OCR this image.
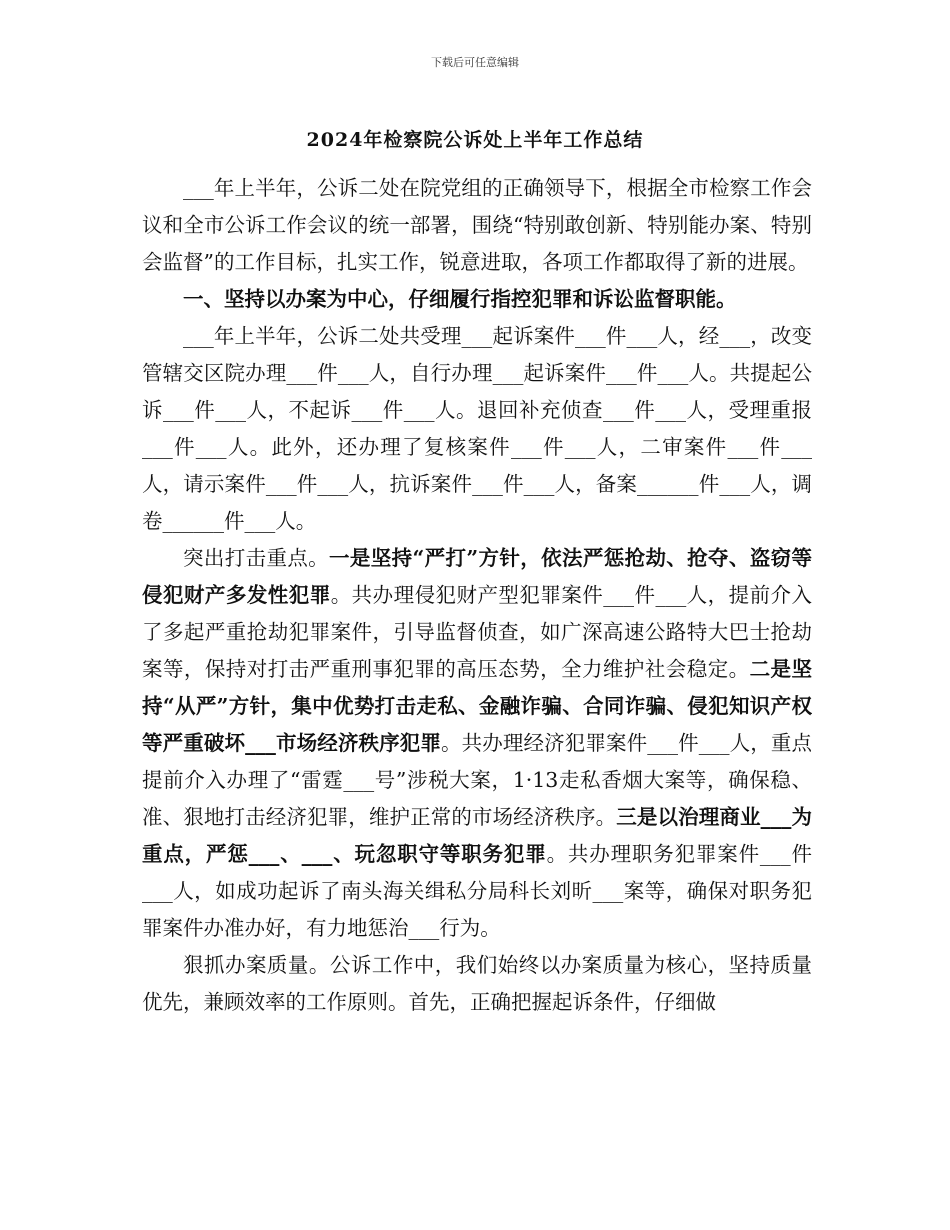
下载后可任意编辑
2024年检察院公诉处上半年工作总结

___年上半年，公诉二处在院党组的正确领导下，根据全市检察工作会议和全市公诉工作会议的统一部署，围绕“特别敢创新、特别能办案、特别会监督”的工作目标，扎实工作，锐意进取，各项工作都取得了新的进展。

一、坚持以办案为中心，仔细履行指控犯罪和诉讼监督职能。

___年上半年，公诉二处共受理___起诉案件___件___人，经___，改变管辖交区院办理___件___人，自行办理___起诉案件___件___人。共提起公诉___件___人，不起诉___件___人。退回补充侦查___件___人，受理重报___件___人。此外，还办理了复核案件___件___人，二审案件___件___人，请示案件___件___人，抗诉案件___件___人，备案______件___人，调卷______件___人。

突出打击重点。一是坚持“严打”方针，依法严惩抢劫、抢夺、盗窃等侵犯财产多发性犯罪。共办理侵犯财产型犯罪案件___件___人，提前介入了多起严重抢劫犯罪案件，引导监督侦查，如广深高速公路特大巴士抢劫案等，保持对打击严重刑事犯罪的高压态势，全力维护社会稳定。二是坚持“从严”方针，集中优势打击走私、金融诈骗、合同诈骗、侵犯知识产权等严重破坏___市场经济秩序犯罪。共办理经济犯罪案件___件___人，重点提前介入办理了“雷霆___号”涉税大案，1·13走私香烟大案等，确保稳、准、狠地打击经济犯罪，维护正常的市场经济秩序。三是以治理商业___为重点，严惩___、___、玩忽职守等职务犯罪。共办理职务犯罪案件___件___人，如成功起诉了南头海关缉私分局科长刘昕___案等，确保对职务犯罪案件办准办好，有力地惩治___行为。

狠抓办案质量。公诉工作中，我们始终以办案质量为核心，坚持质量优先，兼顾效率的工作原则。首先，正确把握起诉条件，仔细做
